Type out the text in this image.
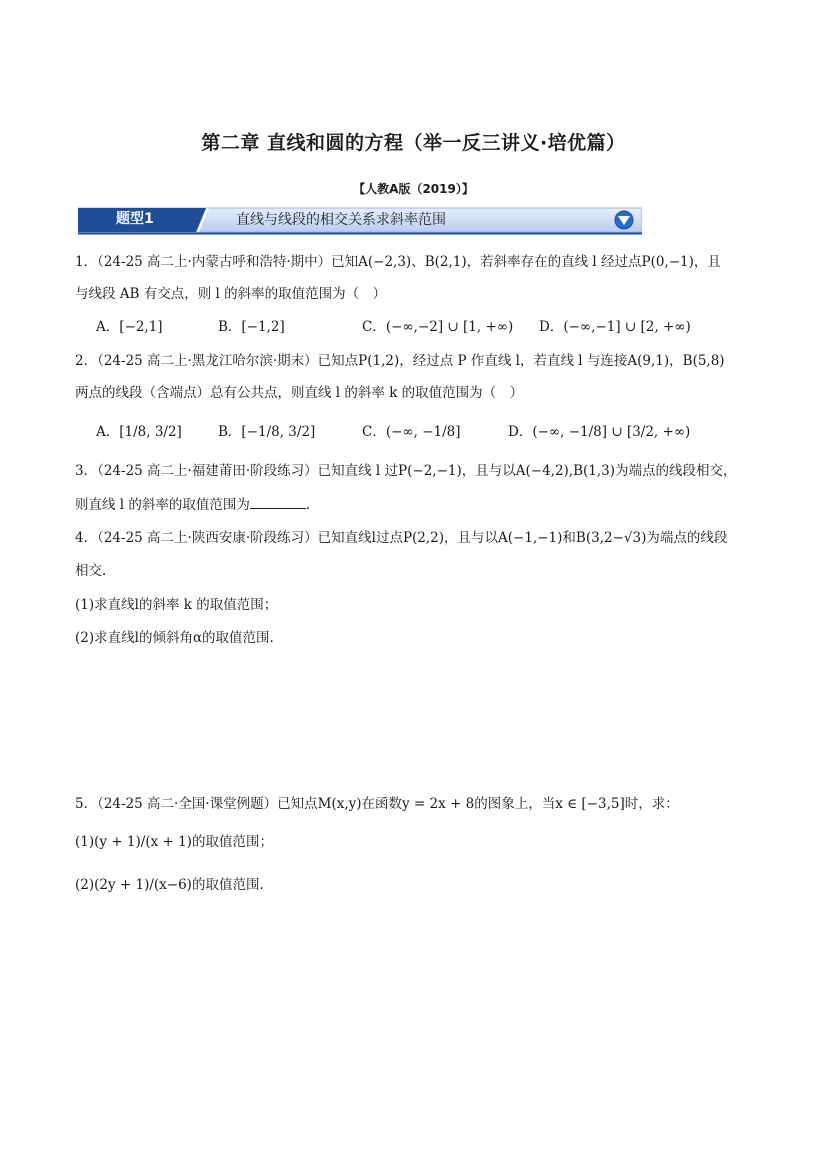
第二章 直线和圆的方程（举一反三讲义·培优篇）
【人教A版（2019）】
题型1	直线与线段的相交关系求斜率范围
1．（24-25 高二上·内蒙古呼和浩特·期中）已知A(−2,3)、B(2,1)，若斜率存在的直线 l 经过点P(0,−1)，且
与线段 AB 有交点，则 l 的斜率的取值范围为（　）
A．[−2,1]	B．[−1,2]	C．(−∞,−2] ∪ [1, +∞) D．(−∞,−1] ∪ [2, +∞)
2．（24-25 高二上·黑龙江哈尔滨·期末）已知点P(1,2)，经过点 P 作直线 l，若直线 l 与连接A(9,1)，B(5,8)
两点的线段（含端点）总有公共点，则直线 l 的斜率 k 的取值范围为（　）
A．[1/8, 3/2]	B．[−1/8, 3/2]	C．(−∞, −1/8]	D．(−∞, −1/8] ∪ [3/2, +∞)
3．（24-25 高二上·福建莆田·阶段练习）已知直线 l 过P(−2,−1)，且与以A(−4,2),B(1,3)为端点的线段相交，
则直线 l 的斜率的取值范围为	.
4．（24-25 高二上·陕西安康·阶段练习）已知直线l过点P(2,2)，且与以A(−1,−1)和B(3,2−√3)为端点的线段
相交.
(1)求直线l的斜率 k 的取值范围；
(2)求直线l的倾斜角α的取值范围.
5．（24-25 高二·全国·课堂例题）已知点M(x,y)在函数y = 2x + 8的图象上，当x ∈ [−3,5]时，求：
(1)(y + 1)/(x + 1)的取值范围；
(2)(2y + 1)/(x−6)的取值范围.
